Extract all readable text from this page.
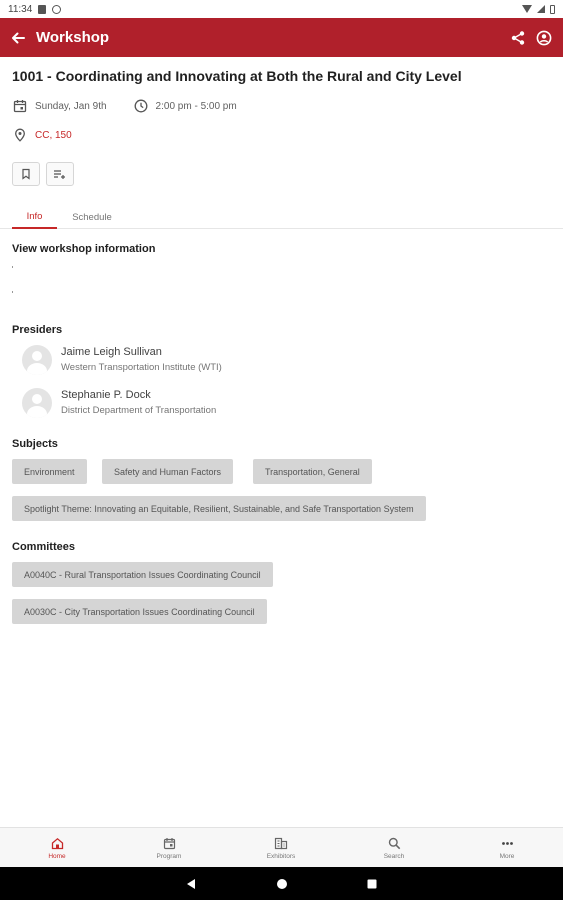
11:34
Workshop
1001 - Coordinating and Innovating at Both the Rural and City Level
Sunday, Jan 9th	2:00 pm - 5:00 pm
CC, 150
Info	Schedule
View workshop information
Presiders
Jaime Leigh Sullivan
Western Transportation Institute (WTI)
Stephanie P. Dock
District Department of Transportation
Subjects
Environment	Safety and Human Factors	Transportation, General
Spotlight Theme: Innovating an Equitable, Resilient, Sustainable, and Safe Transportation System
Committees
A0040C - Rural Transportation Issues Coordinating Council
A0030C - City Transportation Issues Coordinating Council
Home	Program	Exhibitors	Search	More
